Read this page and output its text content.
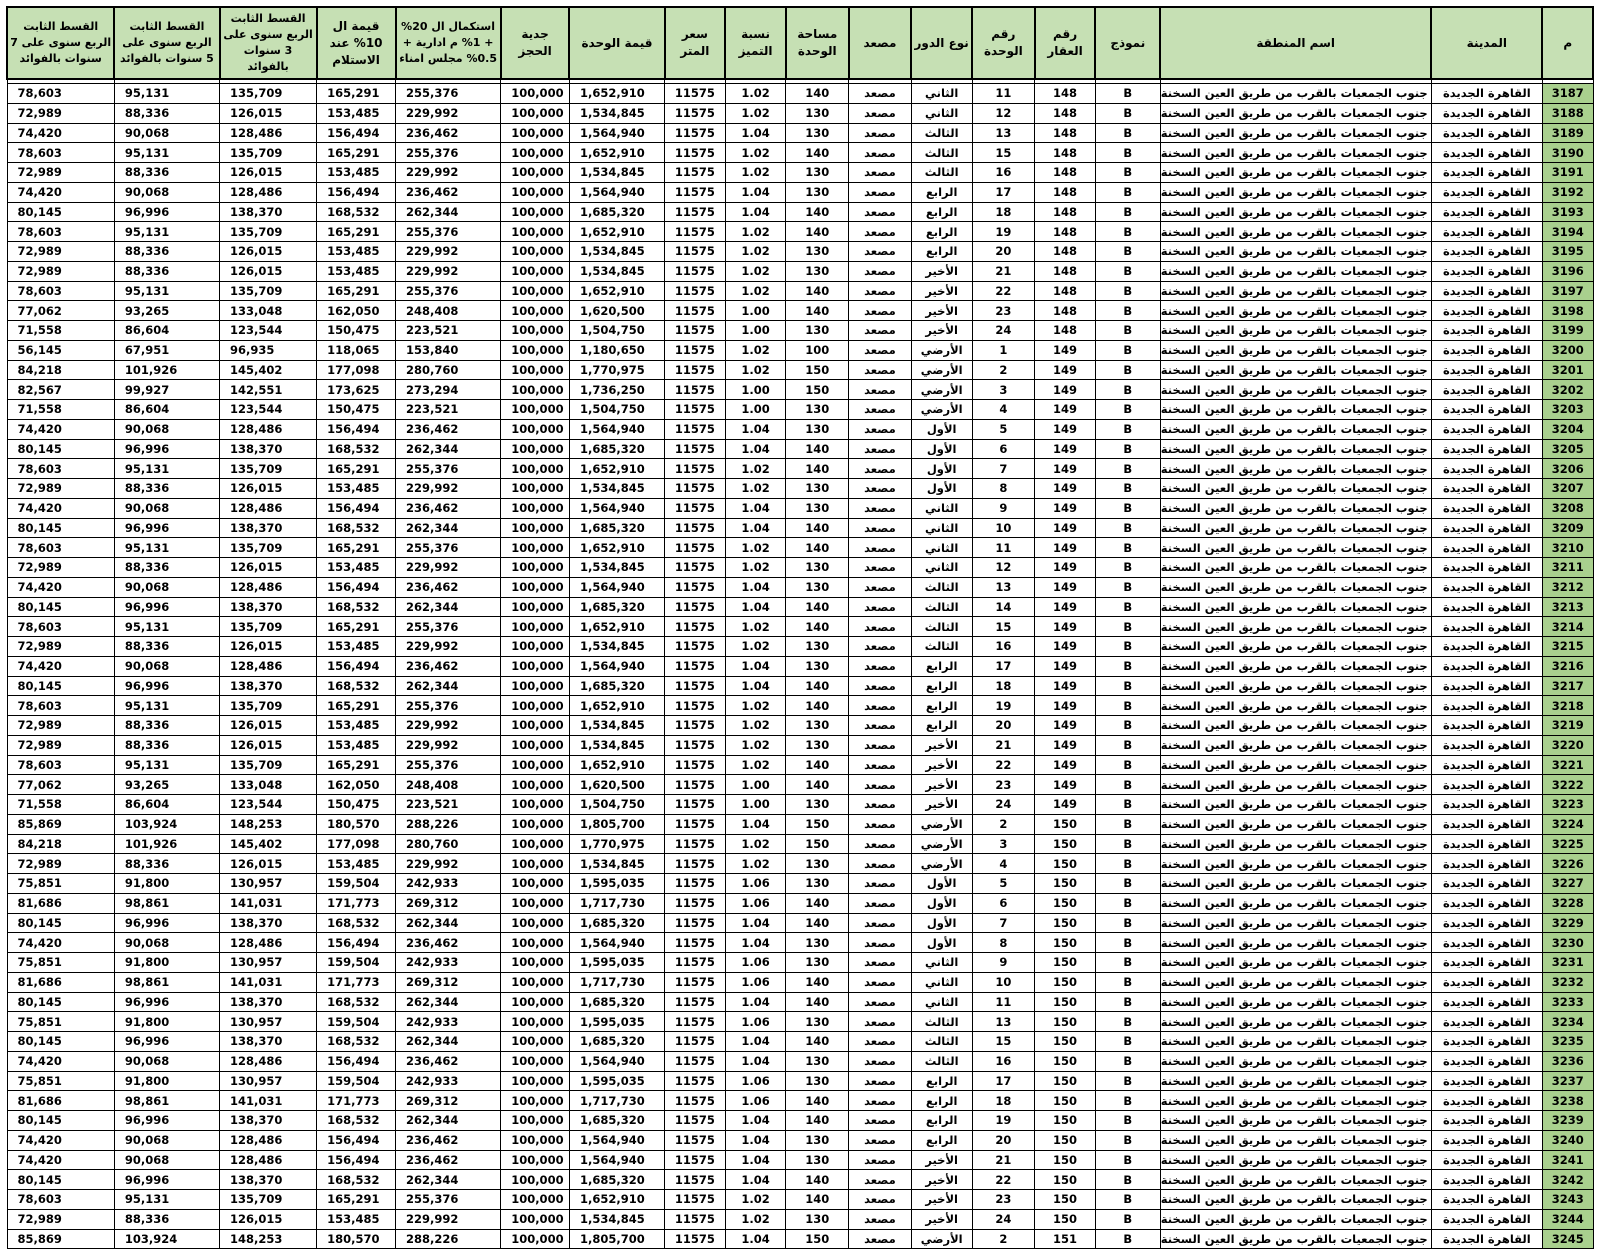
م	المدينة	اسم المنطقة	نموذج	رقم العقار	رقم الوحدة	نوع الدور	مصعد	مساحة الوحدة	نسبة التميز	سعر المتر	قيمة الوحدة	جدية الحجز	استكمال ال 20% + 1% م ادارية + 0.5% مجلس امناء	قيمة ال 10% عند الاستلام	القسط الثابت الربع سنوى على 3 سنوات بالفوائد	القسط الثابت الربع سنوى على 5 سنوات بالفوائد	القسط الثابت الربع سنوى على 7 سنوات بالفوائد

3187	القاهرة الجديدة	جنوب الجمعيات بالقرب من طريق العين السخنة	B	148	11	الثاني	مصعد	140	1.02	11575	1,652,910	100,000	255,376	165,291	135,709	95,131	78,603
3188	القاهرة الجديدة	جنوب الجمعيات بالقرب من طريق العين السخنة	B	148	12	الثاني	مصعد	130	1.02	11575	1,534,845	100,000	229,992	153,485	126,015	88,336	72,989
3189	القاهرة الجديدة	جنوب الجمعيات بالقرب من طريق العين السخنة	B	148	13	الثالث	مصعد	130	1.04	11575	1,564,940	100,000	236,462	156,494	128,486	90,068	74,420
3190	القاهرة الجديدة	جنوب الجمعيات بالقرب من طريق العين السخنة	B	148	15	الثالث	مصعد	140	1.02	11575	1,652,910	100,000	255,376	165,291	135,709	95,131	78,603
3191	القاهرة الجديدة	جنوب الجمعيات بالقرب من طريق العين السخنة	B	148	16	الثالث	مصعد	130	1.02	11575	1,534,845	100,000	229,992	153,485	126,015	88,336	72,989
3192	القاهرة الجديدة	جنوب الجمعيات بالقرب من طريق العين السخنة	B	148	17	الرابع	مصعد	130	1.04	11575	1,564,940	100,000	236,462	156,494	128,486	90,068	74,420
3193	القاهرة الجديدة	جنوب الجمعيات بالقرب من طريق العين السخنة	B	148	18	الرابع	مصعد	140	1.04	11575	1,685,320	100,000	262,344	168,532	138,370	96,996	80,145
3194	القاهرة الجديدة	جنوب الجمعيات بالقرب من طريق العين السخنة	B	148	19	الرابع	مصعد	140	1.02	11575	1,652,910	100,000	255,376	165,291	135,709	95,131	78,603
3195	القاهرة الجديدة	جنوب الجمعيات بالقرب من طريق العين السخنة	B	148	20	الرابع	مصعد	130	1.02	11575	1,534,845	100,000	229,992	153,485	126,015	88,336	72,989
3196	القاهرة الجديدة	جنوب الجمعيات بالقرب من طريق العين السخنة	B	148	21	الأخير	مصعد	130	1.02	11575	1,534,845	100,000	229,992	153,485	126,015	88,336	72,989
3197	القاهرة الجديدة	جنوب الجمعيات بالقرب من طريق العين السخنة	B	148	22	الأخير	مصعد	140	1.02	11575	1,652,910	100,000	255,376	165,291	135,709	95,131	78,603
3198	القاهرة الجديدة	جنوب الجمعيات بالقرب من طريق العين السخنة	B	148	23	الأخير	مصعد	140	1.00	11575	1,620,500	100,000	248,408	162,050	133,048	93,265	77,062
3199	القاهرة الجديدة	جنوب الجمعيات بالقرب من طريق العين السخنة	B	148	24	الأخير	مصعد	130	1.00	11575	1,504,750	100,000	223,521	150,475	123,544	86,604	71,558
3200	القاهرة الجديدة	جنوب الجمعيات بالقرب من طريق العين السخنة	B	149	1	الأرضي	مصعد	100	1.02	11575	1,180,650	100,000	153,840	118,065	96,935	67,951	56,145
3201	القاهرة الجديدة	جنوب الجمعيات بالقرب من طريق العين السخنة	B	149	2	الأرضي	مصعد	150	1.02	11575	1,770,975	100,000	280,760	177,098	145,402	101,926	84,218
3202	القاهرة الجديدة	جنوب الجمعيات بالقرب من طريق العين السخنة	B	149	3	الأرضي	مصعد	150	1.00	11575	1,736,250	100,000	273,294	173,625	142,551	99,927	82,567
3203	القاهرة الجديدة	جنوب الجمعيات بالقرب من طريق العين السخنة	B	149	4	الأرضي	مصعد	130	1.00	11575	1,504,750	100,000	223,521	150,475	123,544	86,604	71,558
3204	القاهرة الجديدة	جنوب الجمعيات بالقرب من طريق العين السخنة	B	149	5	الأول	مصعد	130	1.04	11575	1,564,940	100,000	236,462	156,494	128,486	90,068	74,420
3205	القاهرة الجديدة	جنوب الجمعيات بالقرب من طريق العين السخنة	B	149	6	الأول	مصعد	140	1.04	11575	1,685,320	100,000	262,344	168,532	138,370	96,996	80,145
3206	القاهرة الجديدة	جنوب الجمعيات بالقرب من طريق العين السخنة	B	149	7	الأول	مصعد	140	1.02	11575	1,652,910	100,000	255,376	165,291	135,709	95,131	78,603
3207	القاهرة الجديدة	جنوب الجمعيات بالقرب من طريق العين السخنة	B	149	8	الأول	مصعد	130	1.02	11575	1,534,845	100,000	229,992	153,485	126,015	88,336	72,989
3208	القاهرة الجديدة	جنوب الجمعيات بالقرب من طريق العين السخنة	B	149	9	الثاني	مصعد	130	1.04	11575	1,564,940	100,000	236,462	156,494	128,486	90,068	74,420
3209	القاهرة الجديدة	جنوب الجمعيات بالقرب من طريق العين السخنة	B	149	10	الثاني	مصعد	140	1.04	11575	1,685,320	100,000	262,344	168,532	138,370	96,996	80,145
3210	القاهرة الجديدة	جنوب الجمعيات بالقرب من طريق العين السخنة	B	149	11	الثاني	مصعد	140	1.02	11575	1,652,910	100,000	255,376	165,291	135,709	95,131	78,603
3211	القاهرة الجديدة	جنوب الجمعيات بالقرب من طريق العين السخنة	B	149	12	الثاني	مصعد	130	1.02	11575	1,534,845	100,000	229,992	153,485	126,015	88,336	72,989
3212	القاهرة الجديدة	جنوب الجمعيات بالقرب من طريق العين السخنة	B	149	13	الثالث	مصعد	130	1.04	11575	1,564,940	100,000	236,462	156,494	128,486	90,068	74,420
3213	القاهرة الجديدة	جنوب الجمعيات بالقرب من طريق العين السخنة	B	149	14	الثالث	مصعد	140	1.04	11575	1,685,320	100,000	262,344	168,532	138,370	96,996	80,145
3214	القاهرة الجديدة	جنوب الجمعيات بالقرب من طريق العين السخنة	B	149	15	الثالث	مصعد	140	1.02	11575	1,652,910	100,000	255,376	165,291	135,709	95,131	78,603
3215	القاهرة الجديدة	جنوب الجمعيات بالقرب من طريق العين السخنة	B	149	16	الثالث	مصعد	130	1.02	11575	1,534,845	100,000	229,992	153,485	126,015	88,336	72,989
3216	القاهرة الجديدة	جنوب الجمعيات بالقرب من طريق العين السخنة	B	149	17	الرابع	مصعد	130	1.04	11575	1,564,940	100,000	236,462	156,494	128,486	90,068	74,420
3217	القاهرة الجديدة	جنوب الجمعيات بالقرب من طريق العين السخنة	B	149	18	الرابع	مصعد	140	1.04	11575	1,685,320	100,000	262,344	168,532	138,370	96,996	80,145
3218	القاهرة الجديدة	جنوب الجمعيات بالقرب من طريق العين السخنة	B	149	19	الرابع	مصعد	140	1.02	11575	1,652,910	100,000	255,376	165,291	135,709	95,131	78,603
3219	القاهرة الجديدة	جنوب الجمعيات بالقرب من طريق العين السخنة	B	149	20	الرابع	مصعد	130	1.02	11575	1,534,845	100,000	229,992	153,485	126,015	88,336	72,989
3220	القاهرة الجديدة	جنوب الجمعيات بالقرب من طريق العين السخنة	B	149	21	الأخير	مصعد	130	1.02	11575	1,534,845	100,000	229,992	153,485	126,015	88,336	72,989
3221	القاهرة الجديدة	جنوب الجمعيات بالقرب من طريق العين السخنة	B	149	22	الأخير	مصعد	140	1.02	11575	1,652,910	100,000	255,376	165,291	135,709	95,131	78,603
3222	القاهرة الجديدة	جنوب الجمعيات بالقرب من طريق العين السخنة	B	149	23	الأخير	مصعد	140	1.00	11575	1,620,500	100,000	248,408	162,050	133,048	93,265	77,062
3223	القاهرة الجديدة	جنوب الجمعيات بالقرب من طريق العين السخنة	B	149	24	الأخير	مصعد	130	1.00	11575	1,504,750	100,000	223,521	150,475	123,544	86,604	71,558
3224	القاهرة الجديدة	جنوب الجمعيات بالقرب من طريق العين السخنة	B	150	2	الأرضي	مصعد	150	1.04	11575	1,805,700	100,000	288,226	180,570	148,253	103,924	85,869
3225	القاهرة الجديدة	جنوب الجمعيات بالقرب من طريق العين السخنة	B	150	3	الأرضي	مصعد	150	1.02	11575	1,770,975	100,000	280,760	177,098	145,402	101,926	84,218
3226	القاهرة الجديدة	جنوب الجمعيات بالقرب من طريق العين السخنة	B	150	4	الأرضي	مصعد	130	1.02	11575	1,534,845	100,000	229,992	153,485	126,015	88,336	72,989
3227	القاهرة الجديدة	جنوب الجمعيات بالقرب من طريق العين السخنة	B	150	5	الأول	مصعد	130	1.06	11575	1,595,035	100,000	242,933	159,504	130,957	91,800	75,851
3228	القاهرة الجديدة	جنوب الجمعيات بالقرب من طريق العين السخنة	B	150	6	الأول	مصعد	140	1.06	11575	1,717,730	100,000	269,312	171,773	141,031	98,861	81,686
3229	القاهرة الجديدة	جنوب الجمعيات بالقرب من طريق العين السخنة	B	150	7	الأول	مصعد	140	1.04	11575	1,685,320	100,000	262,344	168,532	138,370	96,996	80,145
3230	القاهرة الجديدة	جنوب الجمعيات بالقرب من طريق العين السخنة	B	150	8	الأول	مصعد	130	1.04	11575	1,564,940	100,000	236,462	156,494	128,486	90,068	74,420
3231	القاهرة الجديدة	جنوب الجمعيات بالقرب من طريق العين السخنة	B	150	9	الثاني	مصعد	130	1.06	11575	1,595,035	100,000	242,933	159,504	130,957	91,800	75,851
3232	القاهرة الجديدة	جنوب الجمعيات بالقرب من طريق العين السخنة	B	150	10	الثاني	مصعد	140	1.06	11575	1,717,730	100,000	269,312	171,773	141,031	98,861	81,686
3233	القاهرة الجديدة	جنوب الجمعيات بالقرب من طريق العين السخنة	B	150	11	الثاني	مصعد	140	1.04	11575	1,685,320	100,000	262,344	168,532	138,370	96,996	80,145
3234	القاهرة الجديدة	جنوب الجمعيات بالقرب من طريق العين السخنة	B	150	13	الثالث	مصعد	130	1.06	11575	1,595,035	100,000	242,933	159,504	130,957	91,800	75,851
3235	القاهرة الجديدة	جنوب الجمعيات بالقرب من طريق العين السخنة	B	150	15	الثالث	مصعد	140	1.04	11575	1,685,320	100,000	262,344	168,532	138,370	96,996	80,145
3236	القاهرة الجديدة	جنوب الجمعيات بالقرب من طريق العين السخنة	B	150	16	الثالث	مصعد	130	1.04	11575	1,564,940	100,000	236,462	156,494	128,486	90,068	74,420
3237	القاهرة الجديدة	جنوب الجمعيات بالقرب من طريق العين السخنة	B	150	17	الرابع	مصعد	130	1.06	11575	1,595,035	100,000	242,933	159,504	130,957	91,800	75,851
3238	القاهرة الجديدة	جنوب الجمعيات بالقرب من طريق العين السخنة	B	150	18	الرابع	مصعد	140	1.06	11575	1,717,730	100,000	269,312	171,773	141,031	98,861	81,686
3239	القاهرة الجديدة	جنوب الجمعيات بالقرب من طريق العين السخنة	B	150	19	الرابع	مصعد	140	1.04	11575	1,685,320	100,000	262,344	168,532	138,370	96,996	80,145
3240	القاهرة الجديدة	جنوب الجمعيات بالقرب من طريق العين السخنة	B	150	20	الرابع	مصعد	130	1.04	11575	1,564,940	100,000	236,462	156,494	128,486	90,068	74,420
3241	القاهرة الجديدة	جنوب الجمعيات بالقرب من طريق العين السخنة	B	150	21	الأخير	مصعد	130	1.04	11575	1,564,940	100,000	236,462	156,494	128,486	90,068	74,420
3242	القاهرة الجديدة	جنوب الجمعيات بالقرب من طريق العين السخنة	B	150	22	الأخير	مصعد	140	1.04	11575	1,685,320	100,000	262,344	168,532	138,370	96,996	80,145
3243	القاهرة الجديدة	جنوب الجمعيات بالقرب من طريق العين السخنة	B	150	23	الأخير	مصعد	140	1.02	11575	1,652,910	100,000	255,376	165,291	135,709	95,131	78,603
3244	القاهرة الجديدة	جنوب الجمعيات بالقرب من طريق العين السخنة	B	150	24	الأخير	مصعد	130	1.02	11575	1,534,845	100,000	229,992	153,485	126,015	88,336	72,989
3245	القاهرة الجديدة	جنوب الجمعيات بالقرب من طريق العين السخنة	B	151	2	الأرضي	مصعد	150	1.04	11575	1,805,700	100,000	288,226	180,570	148,253	103,924	85,869
